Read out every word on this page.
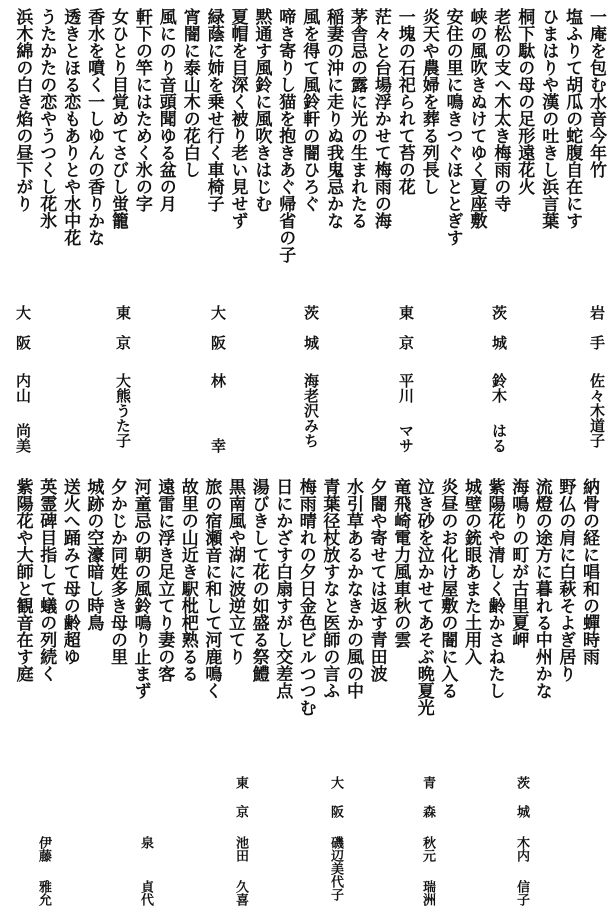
一庵を包む水音今年竹
塩ふりて胡瓜の蛇腹自在にす
ひまはりや漢の吐きし浜言葉
桐下駄の母の足形遠花火
老松の支へ木太き梅雨の寺
峡の風吹きぬけてゆく夏座敷
安住の里に鳴きつぐほととぎす
炎天や農婦を葬る列長し
一塊の石祀られて苔の花
茫々と台場浮かせて梅雨の海
茅舎忌の露に光の生まれたる
稲妻の沖に走りぬ我鬼忌かな
風を得て風鈴軒の闇ひろぐ
啼き寄りし猫を抱きあぐ帰省の子
黙通す風鈴に風吹きはじむ
夏帽を目深く被り老い見せず
緑蔭に姉を乗せ行く車椅子
宵闇に泰山木の花白し
風にのり音頭聞ゆる盆の月
軒下の竿にはためく氷の字
女ひとり目覚めてさびし蛍籠
香水を噴く一しゆんの香りかな
透きとほる恋もありとや水中花
うたかたの恋やうつくし花氷
浜木綿の白き焰の昼下がり
岩手
佐々木道子
茨城
鈴木
はる
東京
平川
マサ
茨城
海老沢みち
大阪
林
幸
東京
大熊うた子
大阪
内山
尚美
納骨の経に唱和の蟬時雨
野仏の肩に白萩そよぎ居り
流燈の途方に暮れる中州かな
海鳴りの町が古里夏岬
紫陽花や清しく齢かさねたし
城壁の銃眼あまた土用入
炎昼のお化け屋敷の闇に入る
泣き砂を泣かせてあそぶ晩夏光
竜飛崎電力風車秋の雲
夕闇や寄せては返す青田波
水引草あるかなきかの風の中
青葉径杖放すなと医師の言ふ
梅雨晴れの夕日金色ビルつつむ
日にかざす白扇すがし交差点
湯びきして花の如盛る祭鱧
黒南風や湖に波逆立てり
旅の宿瀬音に和して河鹿鳴く
故里の山近き駅枇杷熟るる
遠雷に浮き足立てり妻の客
河童忌の朝の風鈴鳴り止まず
夕かじか同姓多き母の里
城跡の空濠暗し時鳥
送火へ踊みて母の齢超ゆ
英霊碑目指して蟻の列続く
紫陽花や大師と観音在す庭
茨城
木内
信子
青森
秋元
瑞洲
大阪
磯辺美代子
東京
池田
久喜
泉
貞代
伊藤
雅允
